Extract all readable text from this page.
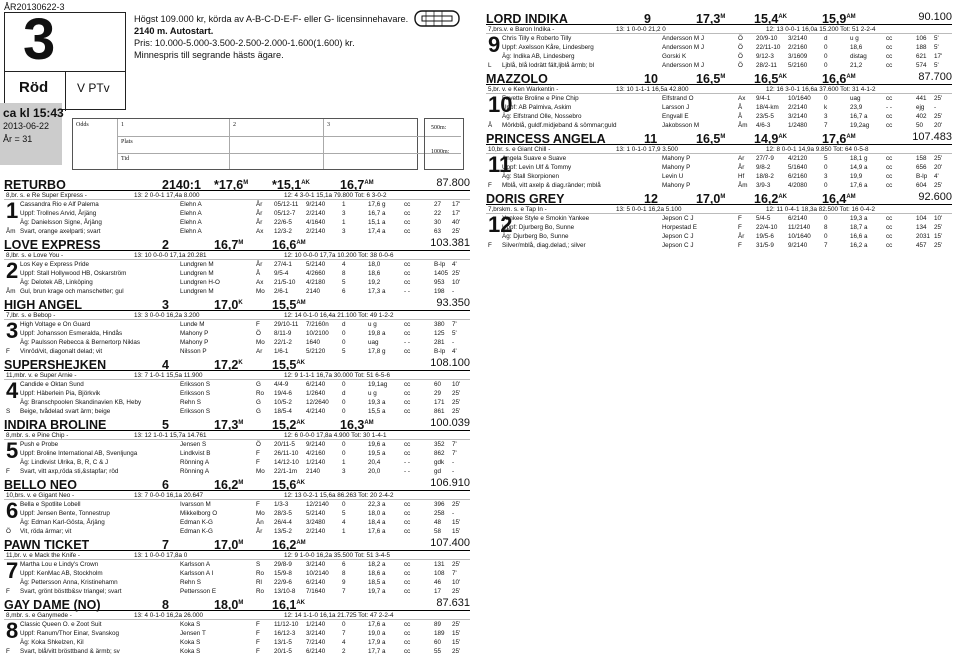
ÅR20130622-3
3
Röd V PTv
Högst 109.000 kr, körda av A-B-C-D-E-F- eller G- licensinnehavare.
2140 m. Autostart.
Pris: 10.000-5.000-3.500-2.500-2.000-1.600(1.600) kr.
Minnespris till segrande hästs ägare.
ca kl 15:43
2013-06-22
År = 31
Odds	1	2	3
Plats
Tid
500m:
1000m:
RETURBO	2140:1	$*17,6^M$	$*15,1^{AK}$	$16,7^{AM}$	87.800
8,br. s. e Re Super Express -	13: 2 0-0-1 17,4a 8.000	12: 4 3-0-1 15,1a 79.800 Tot: 6 3-0-2
Cassandra Rio e Alf Palema	Elehn A	År	05/12-11	9/2140	1	17,6 g	cc	27	17'
Uppf: Trollnes Arvid, Årjäng	Elehn A	År	05/12-7	2/2140	3	16,7 a	cc	22	17'
Äg: Danielsson Signe, Årjäng	Elehn A	År	22/6-5	4/1640	1	15,1 a	cc	30	40'
Svart, orange axelparti; svart	Elehn A	Ax	12/3-2	2/2140	3	17,4 a	cc	63	25'
1
Åm
LOVE EXPRESS	2	$16,7^M$	$16,6^{AM}$	103.381
8,lbr. s. e Love You -	13: 10 0-0-0 17,1a 20.281	12: 10 0-0-0 17,7a 10.200 Tot: 38 0-0-6
Los Key e Express Pride	Lundgren M	År	27/4-1	5/2140	4	18,0	cc	B-lp	4'
Uppf: Stall Hollywood HB, Oskarström	Lundgren M	Å	9/5-4	4/2660	8	18,6	cc	1405 25'
Äg: Delotek AB, Linköping	Lundgren H-O	Ax	21/5-10	4/2180	5	19,2	cc	953	10'
Gul, brun krage och manschetter; gul	Lundgren M	Mo	2/6-1	2140	6	17,3 a	- -	198	-
2
Åm
HIGH ANGEL	3	$17,0^K$	$15,5^{AM}$	93.350
7,lbr. s. e Bebop -	13: 3 0-0-0 16,2a 3.200	12: 14 0-1-0 16,4a 21.100 Tot: 49 1-2-2
High Voltage e On Guard	Lunde M	F	29/10-11	7/2160n	d	u g	cc	380	7'
Uppf: Johansson Esmeralda, Hindås	Mahony P	Ö	8/11-9	10/2100	0	19,8 a	cc	125	5'
Äg: Paulsson Rebecca & Bernertorp Niklas	Mahony P	Mo	22/1-2	1640	0	uag	- -	281	-
Vinröd/vit, diagonalt delad; vit	Nilsson P	Ar	1/6-1	5/2120	5	17,8 g	cc	B-lp	4'
3
F
SUPERSHEJKEN	4	$17,2^K$	$15,5^{AK}$	108.100
11,mbr. v. e Super Arnie -	13: 7 1-0-1 15,5a 11.900	12: 9 1-1-1 16,7a 30.000 Tot: 51 6-5-6
Candide e Oktan Sund	Eriksson S	G	4/4-9	6/2140	0	19,1ag	cc	60	10'
Uppf: Häberlein Pia, Björkvik	Eriksson S	Ro	19/4-6	1/2640	d	u g	cc	29	25'
Äg: Branschpoolen Skandinavien KB, Heby	Rehn S	G	10/5-2	12/2640	0	19,3 a	cc	171	25'
Beige, tvådelad svart ärm; beige	Eriksson S	G	18/5-4	4/2140	0	15,5 a	cc	861	25'
4
S
INDIRA BROLINE	5	$17,3^M$	$15,2^{AK}$	$16,3^{AM}$	100.039
8,mbr. s. e Pine Chip -	13: 12 1-0-1 15,7a 14.761	12: 6 0-0-0 17,8a 4.900 Tot: 30 1-4-1
Push e Probe	Jensen S	Ö	20/11-5	9/2140	0	19,6 a	cc	352	7'
Uppf: Broline International AB, Svenljunga	Lindkvist B	F	26/11-10	4/2160	0	19,5 a	cc	862	7'
Äg: Lindkvist Ulrika, B, R, C & J	Rönning A	F	14/12-10	1/2140	1	20,4	- -	gdk	-
Svart, vitt axp,röda sti,&stapfar; röd	Rönning A	Mo	22/1-1m	2140	3	20,0	- -	gd	-
5
F
BELLO NEO	6	$16,2^M$	$15,6^{AK}$	106.910
10,brs. v. e Gigant Neo -	13: 7 0-0-0 16,1a 20.647	12: 13 0-2-1 15,6a 86.263 Tot: 20 2-4-2
Bella e Spotlite Lobell	Ivarsson M	F	1/3-3	12/2140	0	22,3 a	cc	396	25'
Uppf: Jensen Bente, Tonnestrup	Mikkelborg O	Mo	28/3-5	5/2140	5	18,0 a	cc	258	-
Äg: Edman Karl-Gösta, Årjäng	Edman K-G	Ån	26/4-4	3/2480	4	18,4 a	cc	48	15'
Vit, röda ärmar; vit	Edman K-G	År	13/5-2	2/2140	1	17,6 a	cc	58	15'
6
Ö
PAWN TICKET	7	$17,0^M$	$16,2^{AM}$	107.400
11,br. v. e Mack the Knife -	13: 1 0-0-0 17,8a 0	12: 9 1-0-0 16,2a 35.500 Tot: 51 3-4-5
Martha Lou e Lindy's Crown	Karlsson A	S	29/8-9	3/2140	6	18,2 a	cc	131	25'
Uppf: KenMac AB, Stockholm	Karlsson A I	Ro	15/9-8	10/2140	8	18,6 a	cc	108	7'
Äg: Pettersson Anna, Kristinehamn	Rehn S	Rl	22/9-6	6/2140	9	18,5 a	cc	46	10'
Svart, grönt bösttb&sv triangel; svart	Pettersson E	Ro	13/10-8	7/1640	7	19,7 a	cc	17	25'
7
F
GAY DAME (NO)	8	$18,0^M$	$16,1^{AK}$	87.631
8,mbr. s. e Ganymede -	13: 4 0-1-0 16,2a 26.000	12: 14 1-1-0 16,1a 21.725 Tot: 47 2-2-4
Classic Queen O. e Zoot Suit	Koka S	F	11/12-10	1/2140	0	17,6 a	cc	89	25'
Uppf: Ranum/Thor Einar, Svanskog	Jensen T	F	16/12-3	3/2140	7	19,0 a	cc	189	15'
Äg: Koka Shkelzen, Kil	Koka S	F	13/1-5	7/2140	4	17,9 a	cc	60	15'
Svart, blå/vitt brösttband & ärmb; sv	Koka S	F	20/1-5	6/2140	2	17,7 a	cc	55	25'
8
F
LORD INDIKA	9	$17,3^M$	$15,4^{AK}$	$15,9^{AM}$	90.100
7,brs.v. e Baron Indika -	13: 1 0-0-0 21,2 0	12: 13 0-0-1 16,0a 15.200 Tot: 51 2-2-4
Chris Tilly e Roberto Tilly	Andersson M J	Ö	20/9-10	3/2140	d	u g	cc	106	5'
Uppf: Axelsson Kåre, Lindesberg	Andersson M J	Ö	22/11-10	2/2160	0	18,6	cc	188	5'
Äg: Indika AB, Lindesberg	Gorski K	Ö	9/12-3	3/1609	0	distag	cc	621	17'
Ljblå, blå lodrätt fält,ljblå ärmb; bl	Andersson M J	Ö	28/2-11	5/2160	0	21,2	cc	574	5'
9
L
MAZZOLO	10	$16,5^M$	$16,5^{AK}$	$16,6^{AM}$	87.700
5,br. v. e Ken Warkentin -	13: 10 1-1-1 16,5a 42.800	12: 16 3-0-1 16,6a 37.600 Tot: 31 4-1-2
Fayette Broline e Pine Chip	Elfstrand O	Ax	9/4-1	10/1640	0	uag	cc	441	25'
Uppf: AB Palmiva, Askim	Larsson J	Å	18/4-km	2/2140	k	23,9	- -	ejg	-
Äg: Elfstrand Olle, Nossebro	Engvall E	Å	23/5-5	3/2140	3	16,7 a	cc	402	25'
Mörkblå, guldf.midjeband & sömmar;guld	Jakobsson M	Åm	4/6-3	1/2480	7	19,2ag	cc	50	20'
10
Å
PRINCESS ANGELA	11	$16,5^M$	$14,9^{AK}$	$17,6^{AM}$	107.483
10,br. s. e Giant Chill -	13: 1 0-1-0 17,9 3.500	12: 8 0-0-1 14,9a 9.850 Tot: 64 0-5-8
Angela Suave e Suave	Mahony P	Ar	27/7-9	4/2120	5	18,1 g	cc	158	25'
Uppf: Levin Ulf & Tommy	Mahony P	År	9/8-2	5/1640	0	14,9 a	cc	656	20'
Äg: Stall Skorpionen	Levin U	Hf	18/8-2	6/2160	3	19,9	cc	B-lp	4'
Mblå, vitt axelp & diag.ränder; mblå	Mahony P	Åm	3/9-3	4/2080	0	17,6 a	cc	604	25'
11
F
DORIS GREY	12	$17,0^M$	$16,2^{AK}$	$16,4^{AM}$	92.600
7,brskm. s. e Tap In -	13: 5 0-0-1 16,2a 5.100	12: 11 0-4-1 18,3a 82.500 Tot: 16 0-4-2
Yankee Style e Smokin Yankee	Jepson C J	F	5/4-5	6/2140	0	19,3 a	cc	104	10'
Uppf: Djurberg Bo, Sunne	Horpestad E	F	22/4-10	11/2140	8	18,7 a	cc	134	25'
Äg: Djurberg Bo, Sunne	Jepson C J	År	19/5-6	10/1640	0	16,6 a	cc	2031 15'
Silver/mblå, diag.delad,; silver	Jepson C J	F	31/5-9	9/2140	7	16,2 a	cc	457	25'
12
F
